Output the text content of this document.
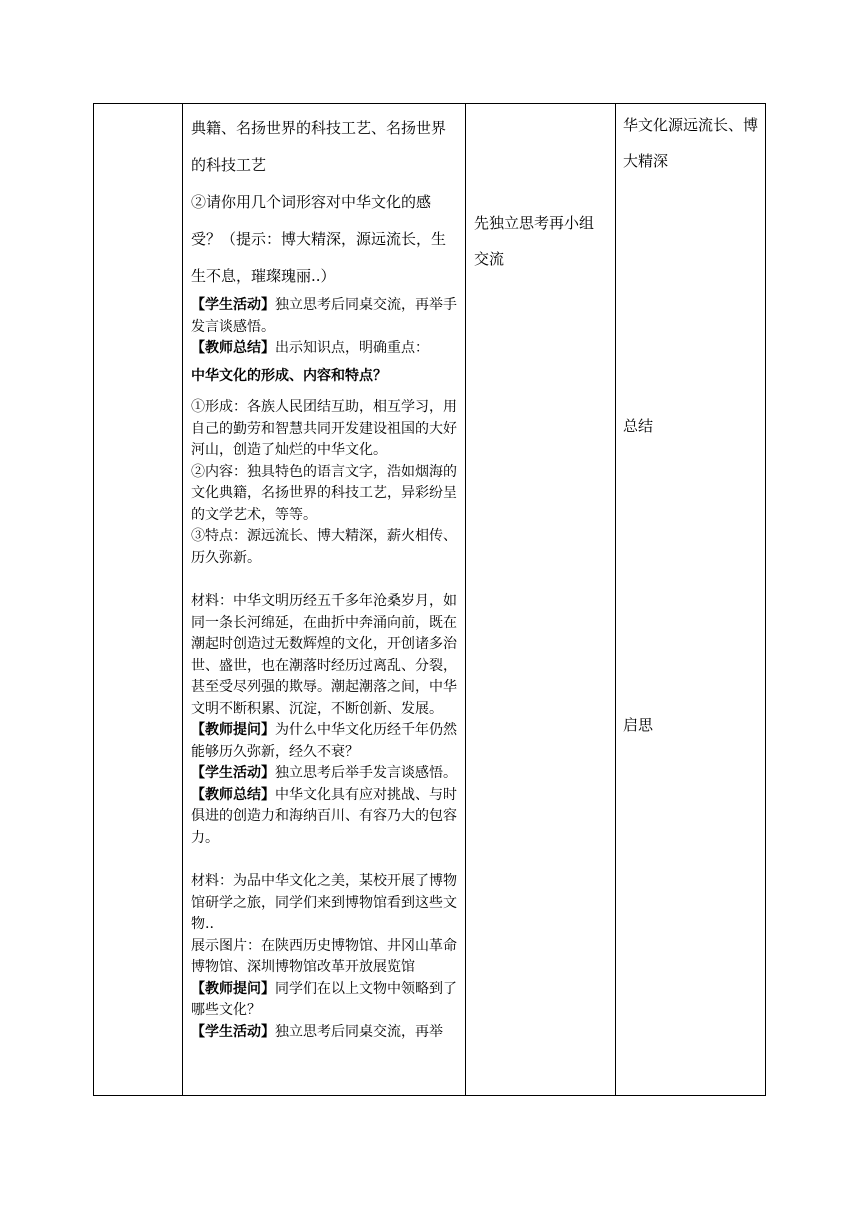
典籍、名扬世界的科技工艺、名扬世界

的科技工艺

②请你用几个词形容对中华文化的感

受？（提示：博大精深，源远流长，生

生不息，璀璨瑰丽..）

【学生活动】独立思考后同桌交流，再举手发言谈感悟。

【教师总结】出示知识点，明确重点：

中华文化的形成、内容和特点？

①形成：各族人民团结互助，相互学习，用自己的勤劳和智慧共同开发建设祖国的大好河山，创造了灿烂的中华文化。

②内容：独具特色的语言文字，浩如烟海的文化典籍，名扬世界的科技工艺，异彩纷呈的文学艺术，等等。

③特点：源远流长、博大精深，薪火相传、历久弥新。

材料：中华文明历经五千多年沧桑岁月，如同一条长河绵延，在曲折中奔涌向前，既在潮起时创造过无数辉煌的文化，开创诸多治世、盛世，也在潮落时经历过离乱、分裂，甚至受尽列强的欺辱。潮起潮落之间，中华文明不断积累、沉淀，不断创新、发展。

【教师提问】为什么中华文化历经千年仍然能够历久弥新，经久不衰？

【学生活动】独立思考后举手发言谈感悟。

【教师总结】中华文化具有应对挑战、与时俱进的创造力和海纳百川、有容乃大的包容力。

材料：为品中华文化之美，某校开展了博物馆研学之旅，同学们来到博物馆看到这些文物..

展示图片：在陕西历史博物馆、井冈山革命博物馆、深圳博物馆改革开放展览馆

【教师提问】同学们在以上文物中领略到了哪些文化？

【学生活动】独立思考后同桌交流，再举

先独立思考再小组
交流
华文化源远流长、博
大精深
总结
启思
